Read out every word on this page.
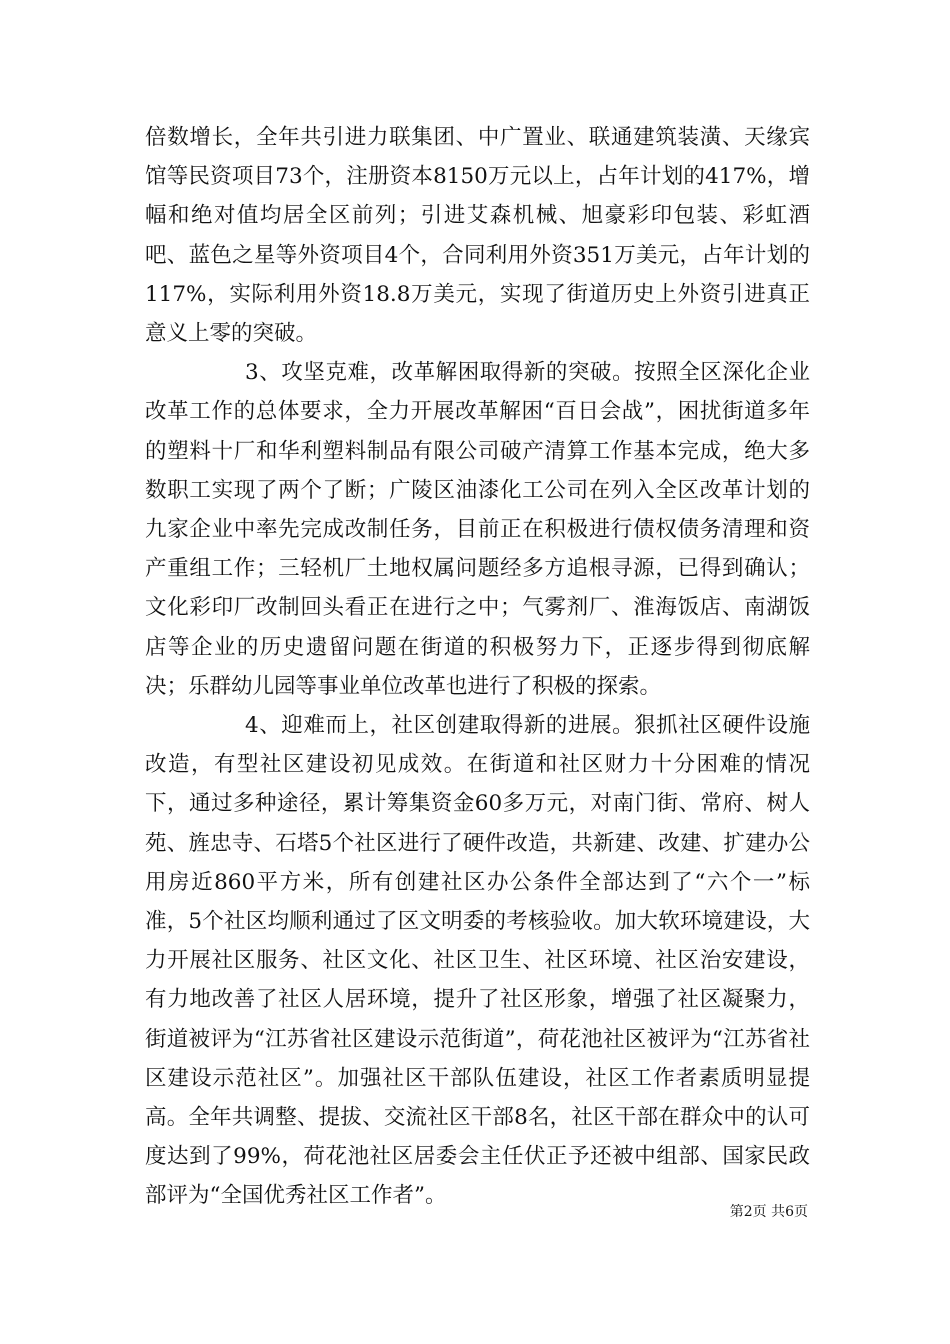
倍数增长，全年共引进力联集团、中广置业、联通建筑装潢、天缘宾馆等民资项目73个，注册资本8150万元以上，占年计划的417%，增幅和绝对值均居全区前列；引进艾森机械、旭豪彩印包装、彩虹酒吧、蓝色之星等外资项目4个，合同利用外资351万美元，占年计划的117%，实际利用外资18.8万美元，实现了街道历史上外资引进真正意义上零的突破。

3、攻坚克难，改革解困取得新的突破。按照全区深化企业改革工作的总体要求，全力开展改革解困“百日会战”，困扰街道多年的塑料十厂和华利塑料制品有限公司破产清算工作基本完成，绝大多数职工实现了两个了断；广陵区油漆化工公司在列入全区改革计划的九家企业中率先完成改制任务，目前正在积极进行债权债务清理和资产重组工作；三轻机厂土地权属问题经多方追根寻源，已得到确认；文化彩印厂改制回头看正在进行之中；气雾剂厂、淮海饭店、南湖饭店等企业的历史遗留问题在街道的积极努力下，正逐步得到彻底解决；乐群幼儿园等事业单位改革也进行了积极的探索。

4、迎难而上，社区创建取得新的进展。狠抓社区硬件设施改造，有型社区建设初见成效。在街道和社区财力十分困难的情况下，通过多种途径，累计筹集资金60多万元，对南门街、常府、树人苑、旌忠寺、石塔5个社区进行了硬件改造，共新建、改建、扩建办公用房近860平方米，所有创建社区办公条件全部达到了“六个一”标准，5个社区均顺利通过了区文明委的考核验收。加大软环境建设，大力开展社区服务、社区文化、社区卫生、社区环境、社区治安建设，有力地改善了社区人居环境，提升了社区形象，增强了社区凝聚力，街道被评为“江苏省社区建设示范街道”，荷花池社区被评为“江苏省社区建设示范社区”。加强社区干部队伍建设，社区工作者素质明显提高。全年共调整、提拔、交流社区干部8名，社区干部在群众中的认可度达到了99%，荷花池社区居委会主任伏正予还被中组部、国家民政部评为“全国优秀社区工作者”。

第2页 共6页
